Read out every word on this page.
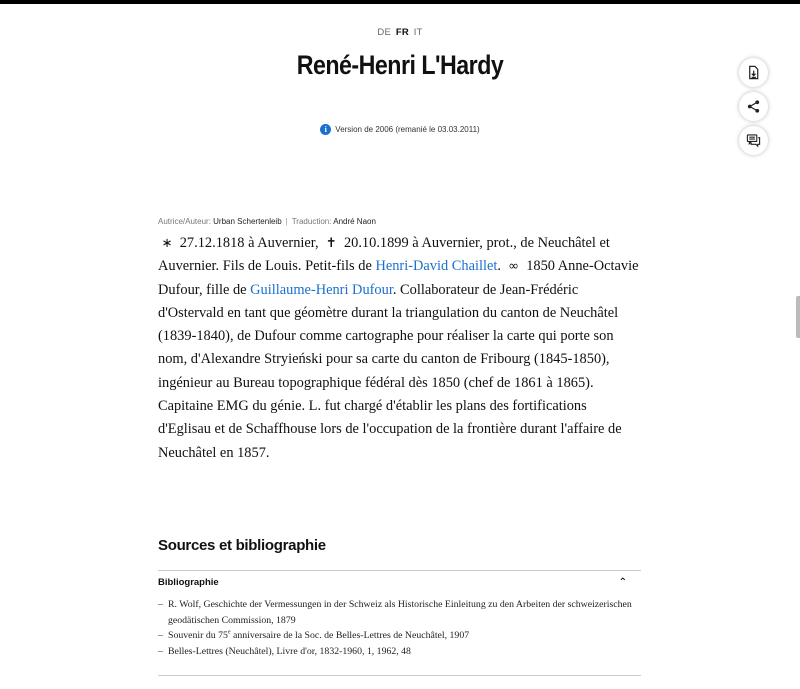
DE FR IT
René-Henri L'Hardy
i Version de 2006 (remanié le 03.03.2011)
Autrice/Auteur: Urban Schertenleib | Traduction: André Naon

∗ 27.12.1818 à Auvernier, ✝ 20.10.1899 à Auvernier, prot., de Neuchâtel et Auvernier. Fils de Louis. Petit-fils de Henri-David Chaillet.  ∞ 1850 Anne-Octavie Dufour, fille de Guillaume-Henri Dufour. Collaborateur de Jean-Frédéric d'Ostervald en tant que géomètre durant la triangulation du canton de Neuchâtel (1839-1840), de Dufour comme cartographe pour réaliser la carte qui porte son nom, d'Alexandre Stryieński pour sa carte du canton de Fribourg (1845-1850), ingénieur au Bureau topographique fédéral dès 1850 (chef de 1861 à 1865). Capitaine EMG du génie. L. fut chargé d'établir les plans des fortifications d'Eglisau et de Schaffhouse lors de l'occupation de la frontière durant l'affaire de Neuchâtel en 1857.

Sources et bibliographie
Bibliographie	⌃
– R. Wolf, Geschichte der Vermessungen in der Schweiz als Historische Einleitung zu den Arbeiten der schweizerischen geodätischen Commission, 1879
– Souvenir du 75e anniversaire de la Soc. de Belles-Lettres de Neuchâtel, 1907
– Belles-Lettres (Neuchâtel), Livre d'or, 1832-1960, 1, 1962, 48
